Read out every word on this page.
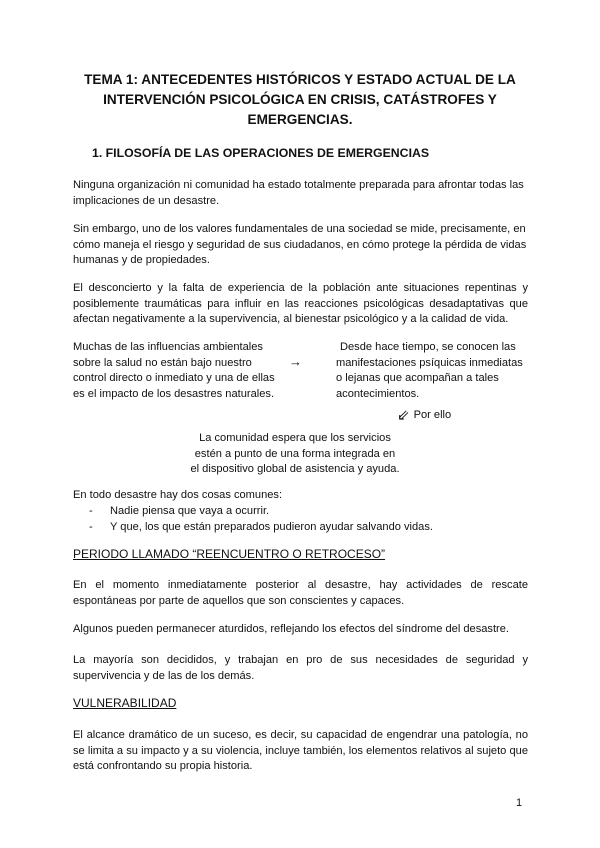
TEMA 1: ANTECEDENTES HISTÓRICOS Y ESTADO ACTUAL DE LA INTERVENCIÓN PSICOLÓGICA EN CRISIS, CATÁSTROFES Y EMERGENCIAS.
1. FILOSOFÍA DE LAS OPERACIONES DE EMERGENCIAS

Ninguna organización ni comunidad ha estado totalmente preparada para afrontar todas las implicaciones de un desastre.

Sin embargo, uno de los valores fundamentales de una sociedad se mide, precisamente, en cómo maneja el riesgo y seguridad de sus ciudadanos, en cómo protege la pérdida de vidas humanas y de propiedades.

El desconcierto y la falta de experiencia de la población ante situaciones repentinas y posiblemente traumáticas para influir en las reacciones psicológicas desadaptativas que afectan negativamente a la supervivencia, al bienestar psicológico y a la calidad de vida.

Muchas de las influencias ambientales
sobre la salud no están bajo nuestro
control directo o inmediato y una de ellas
es el impacto de los desastres naturales.
→
Desde hace tiempo, se conocen las
manifestaciones psíquicas inmediatas
o lejanas que acompañan a tales
acontecimientos.
⇙ Por ello
La comunidad espera que los servicios
estén a punto de una forma integrada en
el dispositivo global de asistencia y ayuda.

En todo desastre hay dos cosas comunes:

- Nadie piensa que vaya a ocurrir.
- Y que, los que están preparados pudieron ayudar salvando vidas.
PERIODO LLAMADO “REENCUENTRO O RETROCESO”

En el momento inmediatamente posterior al desastre, hay actividades de rescate espontáneas por parte de aquellos que son conscientes y capaces.

Algunos pueden permanecer aturdidos, reflejando los efectos del síndrome del desastre.

La mayoría son decididos, y trabajan en pro de sus necesidades de seguridad y supervivencia y de las de los demás.

VULNERABILIDAD

El alcance dramático de un suceso, es decir, su capacidad de engendrar una patología, no se limita a su impacto y a su violencia, incluye también, los elementos relativos al sujeto que está confrontando su propia historia.

1
